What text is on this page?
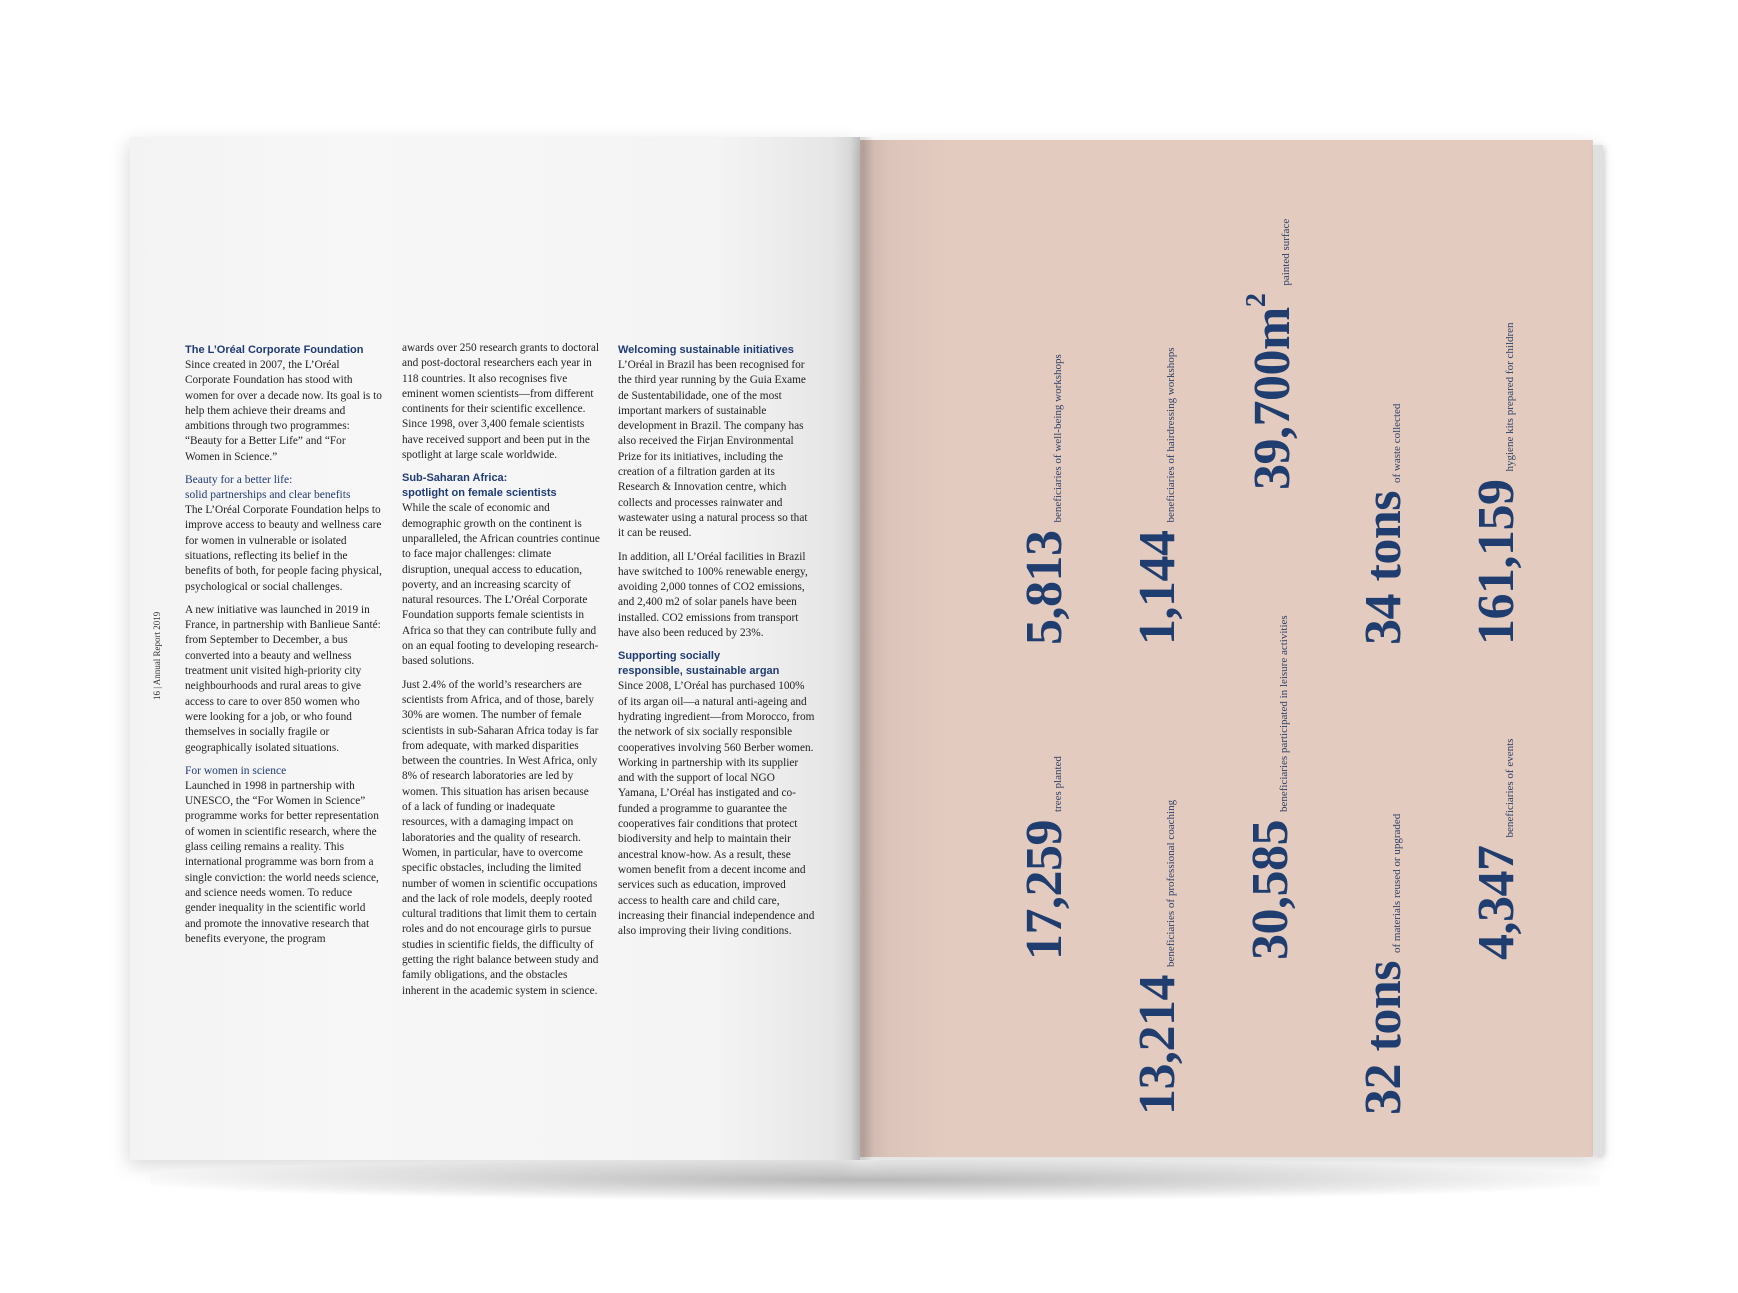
16 | Annual Report 2019
The L’Oréal Corporate Foundation

Since created in 2007, the L’Oréal Corporate Foundation has stood with women for over a decade now. Its goal is to help them achieve their dreams and ambitions through two programmes: “Beauty for a Better Life” and “For Women in Science.”

Beauty for a better life:
solid partnerships and clear benefits

The L’Oréal Corporate Foundation helps to improve access to beauty and wellness care for women in vulnerable or isolated situations, reflecting its belief in the benefits of both, for people facing physical, psychological or social challenges.

A new initiative was launched in 2019 in France, in partnership with Banlieue Santé: from September to December, a bus converted into a beauty and wellness treatment unit visited high-priority city neighbourhoods and rural areas to give access to care to over 850 women who were looking for a job, or who found themselves in socially fragile or geographically isolated situations.

For women in science

Launched in 1998 in partnership with UNESCO, the “For Women in Science” programme works for better representation of women in scientific research, where the glass ceiling remains a reality. This international programme was born from a single conviction: the world needs science, and science needs women. To reduce gender inequality in the scientific world and promote the innovative research that benefits everyone, the program

awards over 250 research grants to doctoral and post-doctoral researchers each year in 118 countries. It also recognises five eminent women scientists—from different continents for their scientific excellence. Since 1998, over 3,400 female scientists have received support and been put in the spotlight at large scale worldwide.

Sub-Saharan Africa:
spotlight on female scientists

While the scale of economic and demographic growth on the continent is unparalleled, the African countries continue to face major challenges: climate disruption, unequal access to education, poverty, and an increasing scarcity of natural resources. The L’Oréal Corporate Foundation supports female scientists in Africa so that they can contribute fully and on an equal footing to developing research-based solutions.

Just 2.4% of the world’s researchers are scientists from Africa, and of those, barely 30% are women. The number of female scientists in sub-Saharan Africa today is far from adequate, with marked disparities between the countries. In West Africa, only 8% of research laboratories are led by women. This situation has arisen because of a lack of funding or inadequate resources, with a damaging impact on laboratories and the quality of research. Women, in particular, have to overcome specific obstacles, including the limited number of women in scientific occupations and the lack of role models, deeply rooted cultural traditions that limit them to certain roles and do not encourage girls to pursue studies in scientific fields, the difficulty of getting the right balance between study and family obligations, and the obstacles inherent in the academic system in science.

Welcoming sustainable initiatives

L’Oréal in Brazil has been recognised for the third year running by the Guia Exame de Sustentabilidade, one of the most important markers of sustainable development in Brazil. The company has also received the Firjan Environmental Prize for its initiatives, including the creation of a filtration garden at its Research & Innovation centre, which collects and processes rainwater and wastewater using a natural process so that it can be reused.

In addition, all L’Oréal facilities in Brazil have switched to 100% renewable energy, avoiding 2,000 tonnes of CO2 emissions, and 2,400 m2 of solar panels have been installed. CO2 emissions from transport have also been reduced by 23%.

Supporting socially
responsible, sustainable argan

Since 2008, L’Oréal has purchased 100% of its argan oil—a natural anti-ageing and hydrating ingredient—from Morocco, from the network of six socially responsible cooperatives involving 560 Berber women. Working in partnership with its supplier and with the support of local NGO Yamana, L’Oréal has instigated and co-funded a programme to guarantee the cooperatives fair conditions that protect biodiversity and help to maintain their ancestral know-how. As a result, these women benefit from a decent income and services such as education, improved access to health care and child care, increasing their financial independence and also improving their living conditions.	17,259trees planted
5,813beneficiaries of well-being workshops
13,214beneficiaries of professional coaching
1,144beneficiaries of hairdressing workshops
30,585beneficiaries participated in leisure activities
$39,700m^2painted$ surface
32 tonsof materials reused or upgraded
34 tonsof waste collected
4,347beneficiaries of events
161,159hygiene kits prepared for children
